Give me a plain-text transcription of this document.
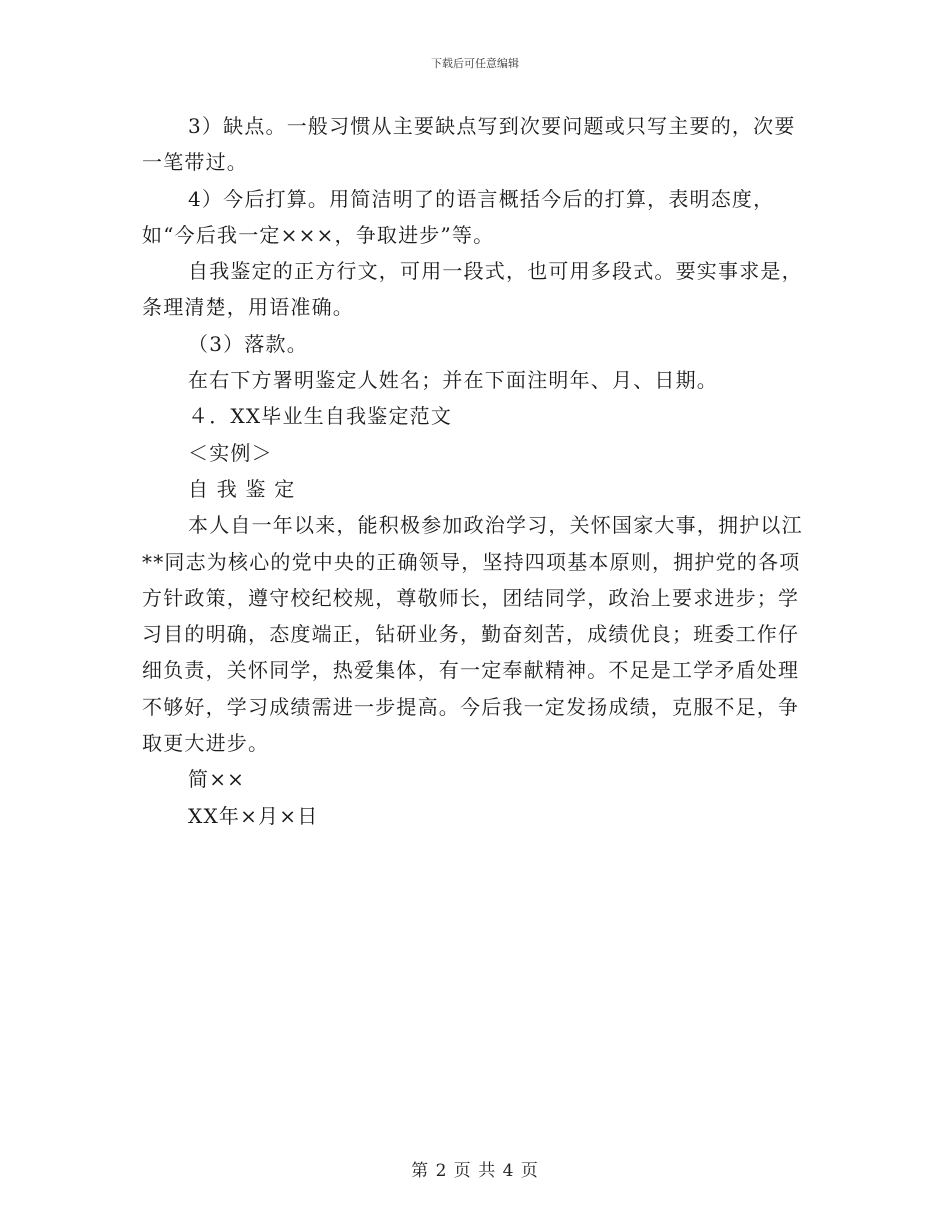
下载后可任意编辑

3）缺点。一般习惯从主要缺点写到次要问题或只写主要的，次要一笔带过。

4）今后打算。用简洁明了的语言概括今后的打算，表明态度，如“今后我一定×××，争取进步”等。

自我鉴定的正方行文，可用一段式，也可用多段式。要实事求是，条理清楚，用语准确。

（3）落款。

在右下方署明鉴定人姓名；并在下面注明年、月、日期。

４．XX毕业生自我鉴定范文

＜实例＞

自 我 鉴 定

本人自一年以来，能积极参加政治学习，关怀国家大事，拥护以江**同志为核心的党中央的正确领导，坚持四项基本原则，拥护党的各项方针政策，遵守校纪校规，尊敬师长，团结同学，政治上要求进步；学习目的明确，态度端正，钻研业务，勤奋刻苦，成绩优良；班委工作仔细负责，关怀同学，热爱集体，有一定奉献精神。不足是工学矛盾处理不够好，学习成绩需进一步提高。今后我一定发扬成绩，克服不足，争取更大进步。

简××

XX年×月×日

第 2 页 共 4 页
